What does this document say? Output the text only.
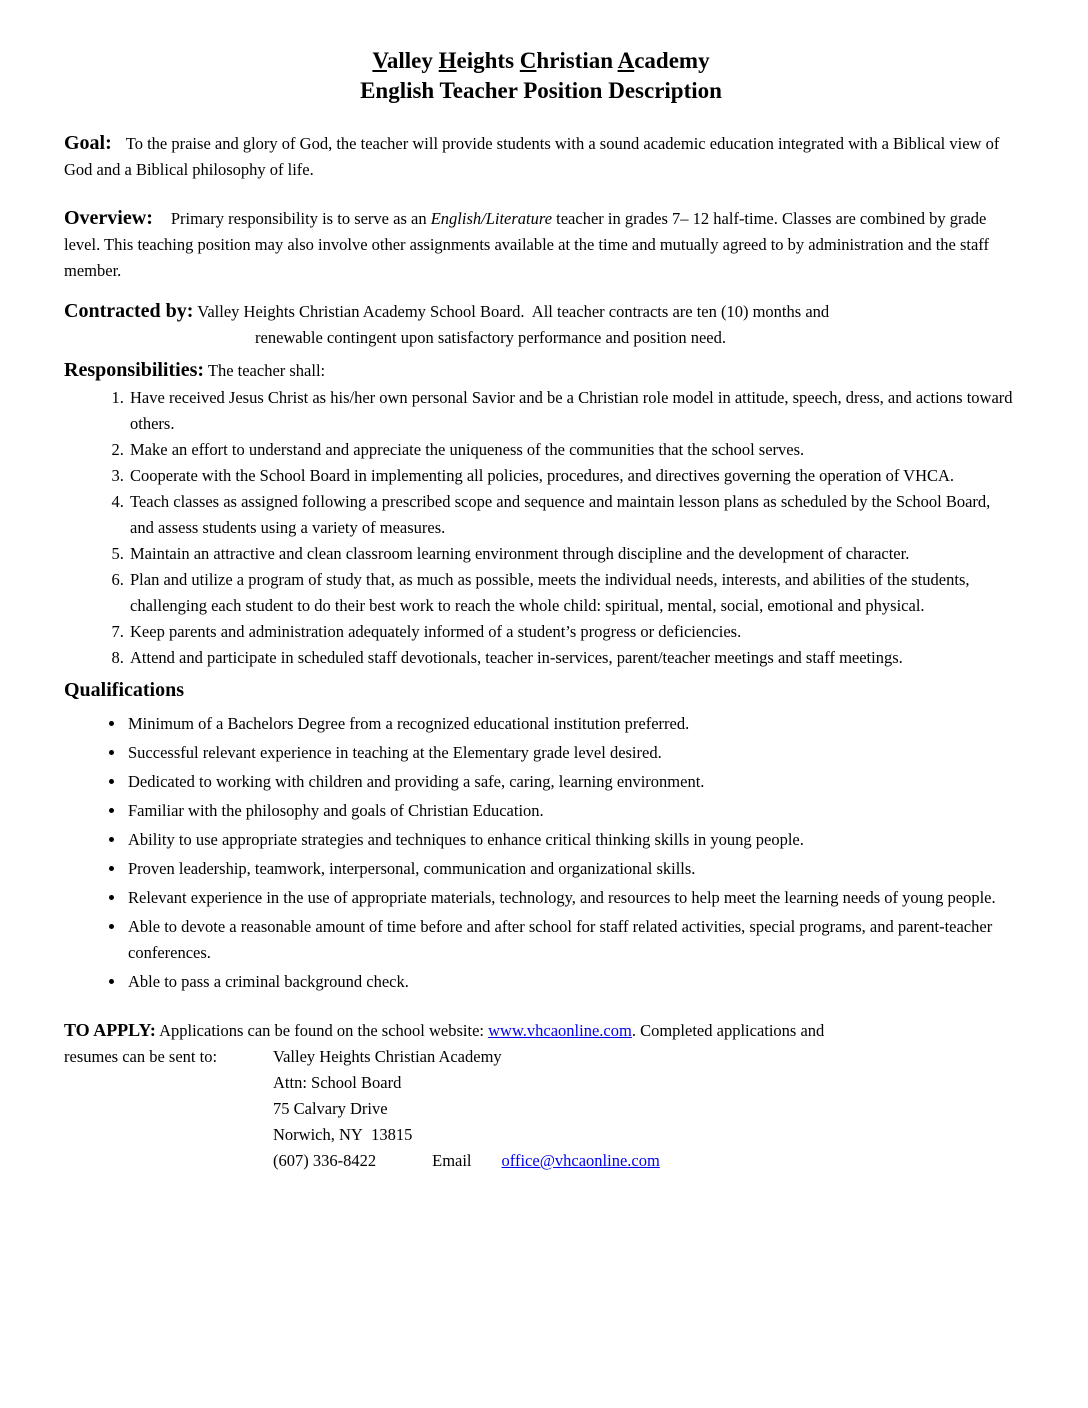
Valley Heights Christian Academy
English Teacher Position Description
Goal: To the praise and glory of God, the teacher will provide students with a sound academic education integrated with a Biblical view of God and a Biblical philosophy of life.
Overview: Primary responsibility is to serve as an English/Literature teacher in grades 7– 12 half-time. Classes are combined by grade level. This teaching position may also involve other assignments available at the time and mutually agreed to by administration and the staff member.
Contracted by: Valley Heights Christian Academy School Board.  All teacher contracts are ten (10) months and
renewable contingent upon satisfactory performance and position need.
Responsibilities: The teacher shall:
1. Have received Jesus Christ as his/her own personal Savior and be a Christian role model in attitude, speech, dress, and actions toward others.
2. Make an effort to understand and appreciate the uniqueness of the communities that the school serves.
3. Cooperate with the School Board in implementing all policies, procedures, and directives governing the operation of VHCA.
4. Teach classes as assigned following a prescribed scope and sequence and maintain lesson plans as scheduled by the School Board, and assess students using a variety of measures.
5. Maintain an attractive and clean classroom learning environment through discipline and the development of character.
6. Plan and utilize a program of study that, as much as possible, meets the individual needs, interests, and abilities of the students, challenging each student to do their best work to reach the whole child: spiritual, mental, social, emotional and physical.
7. Keep parents and administration adequately informed of a student’s progress or deficiencies.
8. Attend and participate in scheduled staff devotionals, teacher in-services, parent/teacher meetings and staff meetings.
Qualifications
• Minimum of a Bachelors Degree from a recognized educational institution preferred.
• Successful relevant experience in teaching at the Elementary grade level desired.
• Dedicated to working with children and providing a safe, caring, learning environment.
• Familiar with the philosophy and goals of Christian Education.
• Ability to use appropriate strategies and techniques to enhance critical thinking skills in young people.
• Proven leadership, teamwork, interpersonal, communication and organizational skills.
• Relevant experience in the use of appropriate materials, technology, and resources to help meet the learning needs of young people.
• Able to devote a reasonable amount of time before and after school for staff related activities, special programs, and parent-teacher conferences.
• Able to pass a criminal background check.
TO APPLY: Applications can be found on the school website: www.vhcaonline.com. Completed applications and
resumes can be sent to:	Valley Heights Christian Academy
Attn: School Board
75 Calvary Drive
Norwich, NY  13815
(607) 336-8422	Email office@vhcaonline.com
